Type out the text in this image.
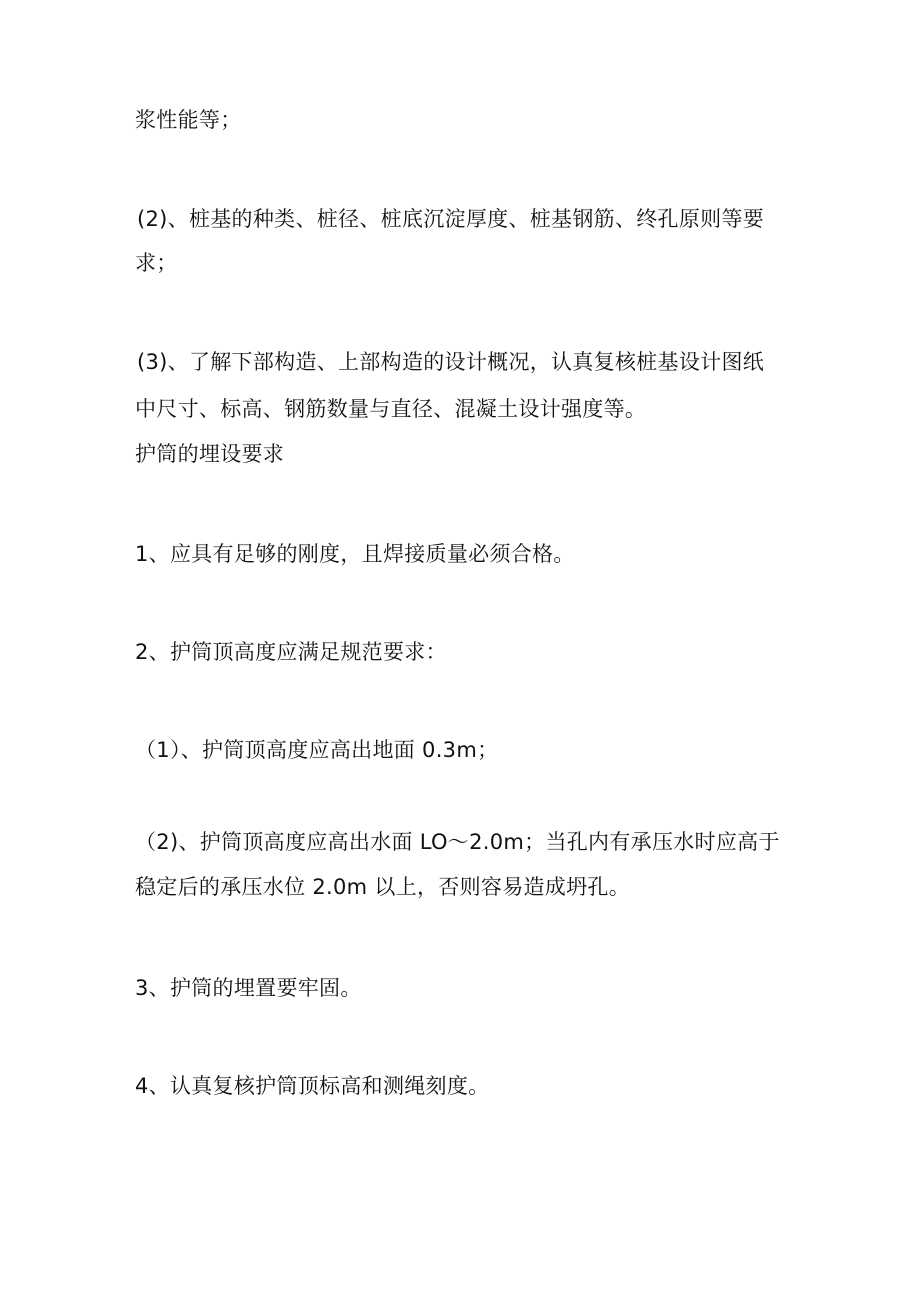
浆性能等；
(2)、桩基的种类、桩径、桩底沉淀厚度、桩基钢筋、终孔原则等要
求；
(3)、了解下部构造、上部构造的设计概况，认真复核桩基设计图纸
中尺寸、标高、钢筋数量与直径、混凝土设计强度等。
护筒的埋设要求
1、应具有足够的刚度，且焊接质量必须合格。
2、护筒顶高度应满足规范要求：
（1）、护筒顶高度应高出地面 0.3m；
（2)、护筒顶高度应高出水面 LO～2.0m；当孔内有承压水时应高于
稳定后的承压水位 2.0m 以上，否则容易造成坍孔。
3、护筒的埋置要牢固。
4、认真复核护筒顶标高和测绳刻度。
